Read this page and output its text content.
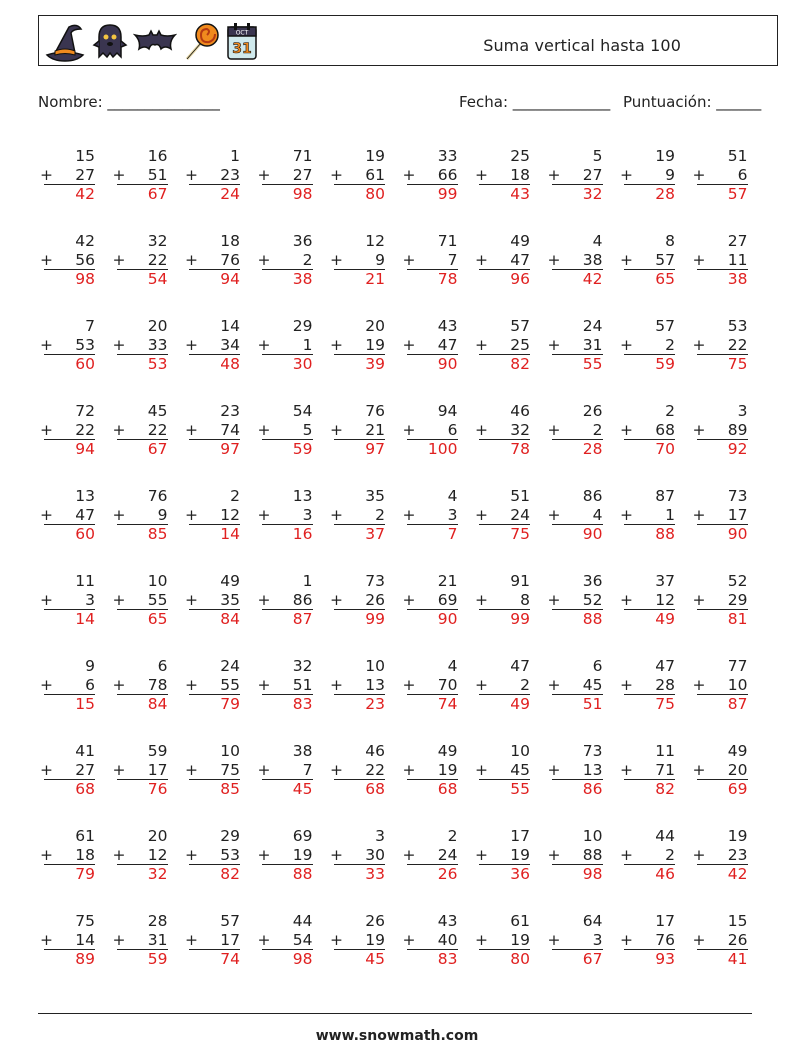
OCT
31	Suma vertical hasta 100
Nombre: _______________	Fecha: _____________ Puntuación: ______
15
+	27
42
16
+	51
67
1
+	23
24
71
+	27
98
19
+	61
80
33
+	66
99
25
+	18
43
5
+	27
32
19
+	9
28
51
+	6
57
42
+	56
98
32
+	22
54
18
+	76
94
36
+	2
38
12
+	9
21
71
+	7
78
49
+	47
96
4
+	38
42
8
+	57
65
27
+	11
38
7
+	53
60
20
+	33
53
14
+	34
48
29
+	1
30
20
+	19
39
43
+	47
90
57
+	25
82
24
+	31
55
57
+	2
59
53
+	22
75
72
+	22
94
45
+	22
67
23
+	74
97
54
+	5
59
76
+	21
97
94
+	6
100
46
+	32
78
26
+	2
28
2
+	68
70
3
+	89
92
13
+	47
60
76
+	9
85
2
+	12
14
13
+	3
16
35
+	2
37
4
+	3
7
51
+	24
75
86
+	4
90
87
+	1
88
73
+	17
90
11
+	3
14
10
+	55
65
49
+	35
84
1
+	86
87
73
+	26
99
21
+	69
90
91
+	8
99
36
+	52
88
37
+	12
49
52
+	29
81
9
+	6
15
6
+	78
84
24
+	55
79
32
+	51
83
10
+	13
23
4
+	70
74
47
+	2
49
6
+	45
51
47
+	28
75
77
+	10
87
41
+	27
68
59
+	17
76
10
+	75
85
38
+	7
45
46
+	22
68
49
+	19
68
10
+	45
55
73
+	13
86
11
+	71
82
49
+	20
69
61
+	18
79
20
+	12
32
29
+	53
82
69
+	19
88
3
+	30
33
2
+	24
26
17
+	19
36
10
+	88
98
44
+	2
46
19
+	23
42
75
+	14
89
28
+	31
59
57
+	17
74
44
+	54
98
26
+	19
45
43
+	40
83
61
+	19
80
64
+	3
67
17
+	76
93
15
+	26
41
www.snowmath.com
